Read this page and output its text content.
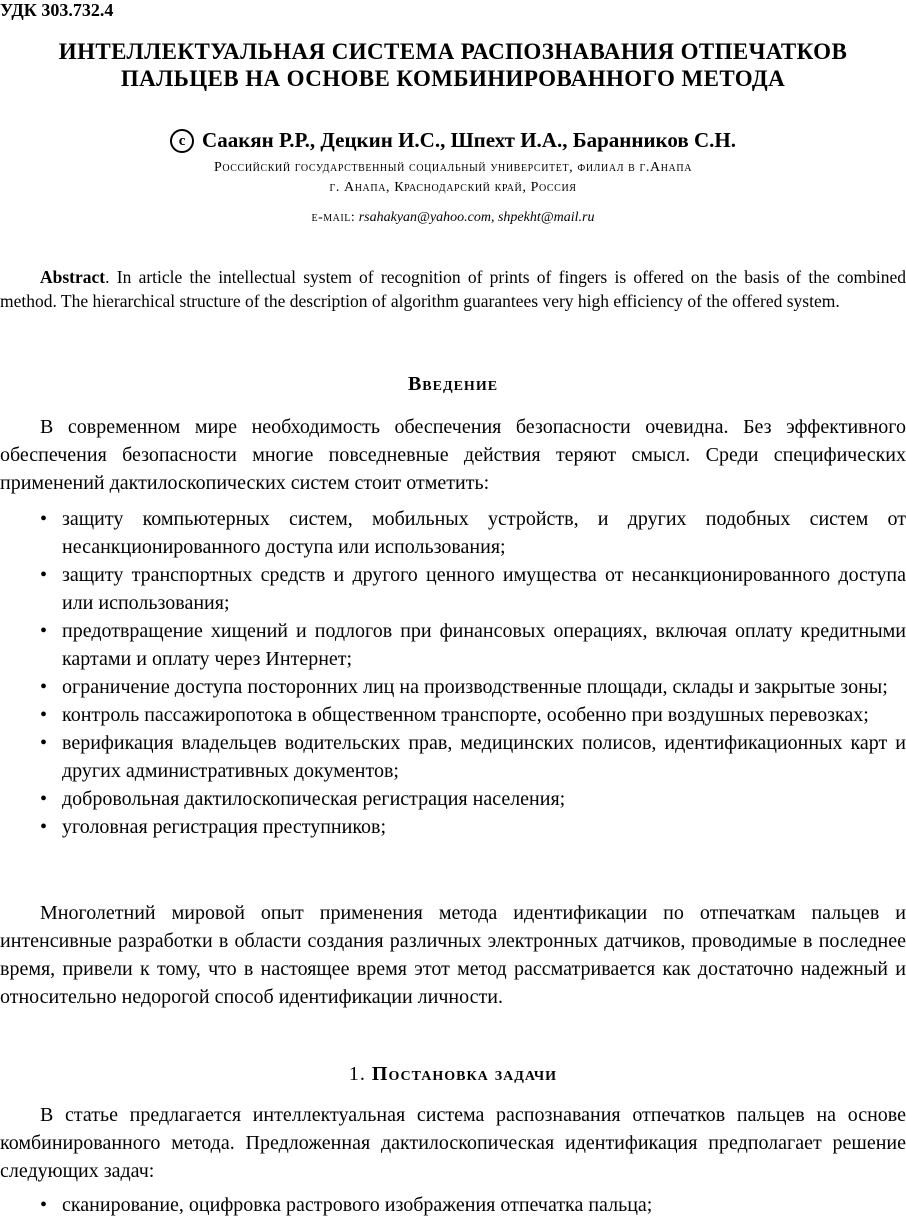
УДК 303.732.4
ИНТЕЛЛЕКТУАЛЬНАЯ СИСТЕМА РАСПОЗНАВАНИЯ ОТПЕЧАТКОВ ПАЛЬЦЕВ НА ОСНОВЕ КОМБИНИРОВАННОГО МЕТОДА
c Саакян Р.Р., Децкин И.С., Шпехт И.А., Баранников С.Н.
Российский государственный социальный университет, филиал в г.Анапа
г. Анапа, Краснодарский край, Россия
e-mail: rsahakyan@yahoo.com, shpekht@mail.ru

Abstract. In article the intellectual system of recognition of prints of fingers is offered on the basis of the combined method. The hierarchical structure of the description of algorithm guarantees very high efficiency of the offered system.

Введение

В современном мире необходимость обеспечения безопасности очевидна. Без эффективного обеспечения безопасности многие повседневные действия теряют смысл. Среди специфических применений дактилоскопических систем стоит отметить:

• защиту компьютерных систем, мобильных устройств, и других подобных систем от несанкционированного доступа или использования;
• защиту транспортных средств и другого ценного имущества от несанкционированного доступа или использования;
• предотвращение хищений и подлогов при финансовых операциях, включая оплату кредитными картами и оплату через Интернет;
• ограничение доступа посторонних лиц на производственные площади, склады и закрытые зоны;
• контроль пассажиропотока в общественном транспорте, особенно при воздушных перевозках;
• верификация владельцев водительских прав, медицинских полисов, идентификационных карт и других административных документов;
• добровольная дактилоскопическая регистрация населения;
• уголовная регистрация преступников;

Многолетний мировой опыт применения метода идентификации по отпечаткам пальцев и интенсивные разработки в области создания различных электронных датчиков, проводимые в последнее время, привели к тому, что в настоящее время этот метод рассматривается как достаточно надежный и относительно недорогой способ идентификации личности.

1. Постановка задачи

В статье предлагается интеллектуальная система распознавания отпечатков пальцев на основе комбинированного метода. Предложенная дактилоскопическая идентификация предполагает решение следующих задач:

• сканирование, оцифровка растрового изображения отпечатка пальца;
